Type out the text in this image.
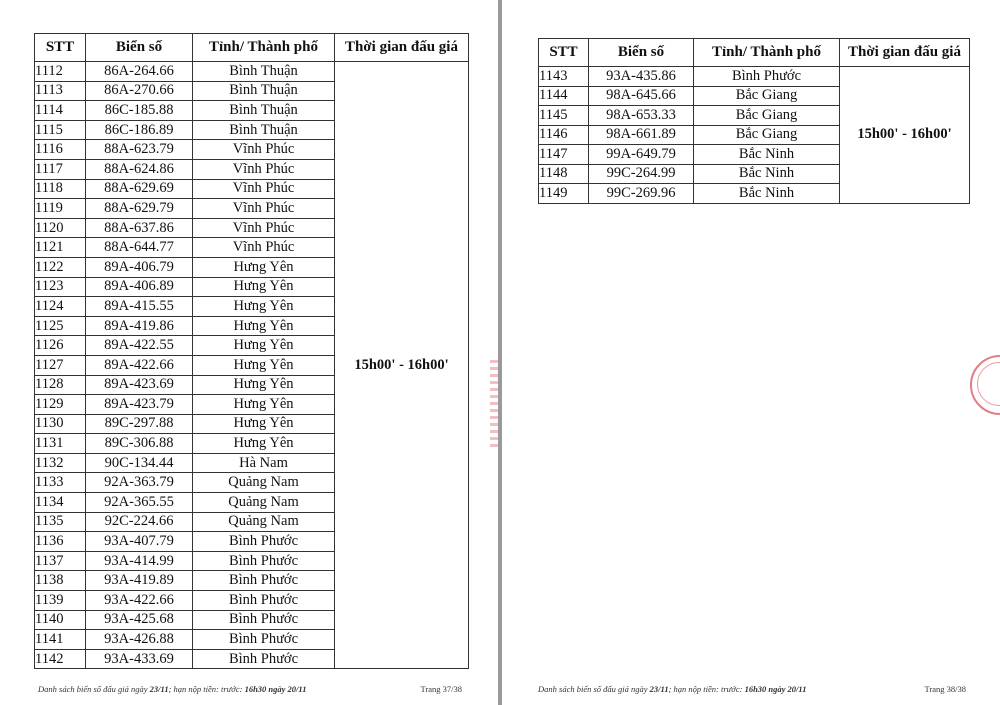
STT	Biển số	Tỉnh/ Thành phố	Thời gian đấu giá
1112	86A-264.66	Bình Thuận	15h00' - 16h00'
1113	86A-270.66	Bình Thuận	
1114	86C-185.88	Bình Thuận	
1115	86C-186.89	Bình Thuận	
1116	88A-623.79	Vĩnh Phúc	
1117	88A-624.86	Vĩnh Phúc	
1118	88A-629.69	Vĩnh Phúc	
1119	88A-629.79	Vĩnh Phúc	
1120	88A-637.86	Vĩnh Phúc	
1121	88A-644.77	Vĩnh Phúc	
1122	89A-406.79	Hưng Yên	
1123	89A-406.89	Hưng Yên	
1124	89A-415.55	Hưng Yên	
1125	89A-419.86	Hưng Yên	
1126	89A-422.55	Hưng Yên	
1127	89A-422.66	Hưng Yên	
1128	89A-423.69	Hưng Yên	
1129	89A-423.79	Hưng Yên	
1130	89C-297.88	Hưng Yên	
1131	89C-306.88	Hưng Yên	
1132	90C-134.44	Hà Nam	
1133	92A-363.79	Quảng Nam	
1134	92A-365.55	Quảng Nam	
1135	92C-224.66	Quảng Nam	
1136	93A-407.79	Bình Phước	
1137	93A-414.99	Bình Phước	
1138	93A-419.89	Bình Phước	
1139	93A-422.66	Bình Phước	
1140	93A-425.68	Bình Phước	
1141	93A-426.88	Bình Phước	
1142	93A-433.69	Bình Phước	
Danh sách biển số đấu giá ngày 23/11; hạn nộp tiền: trước: 16h30 ngày 20/11	Trang 37/38
STT	Biển số	Tỉnh/ Thành phố	Thời gian đấu giá
1143	93A-435.86	Bình Phước	15h00' - 16h00'
1144	98A-645.66	Bắc Giang	
1145	98A-653.33	Bắc Giang	
1146	98A-661.89	Bắc Giang	
1147	99A-649.79	Bắc Ninh	
1148	99C-264.99	Bắc Ninh	
1149	99C-269.96	Bắc Ninh	
Danh sách biển số đấu giá ngày 23/11; hạn nộp tiền: trước: 16h30 ngày 20/11	Trang 38/38
